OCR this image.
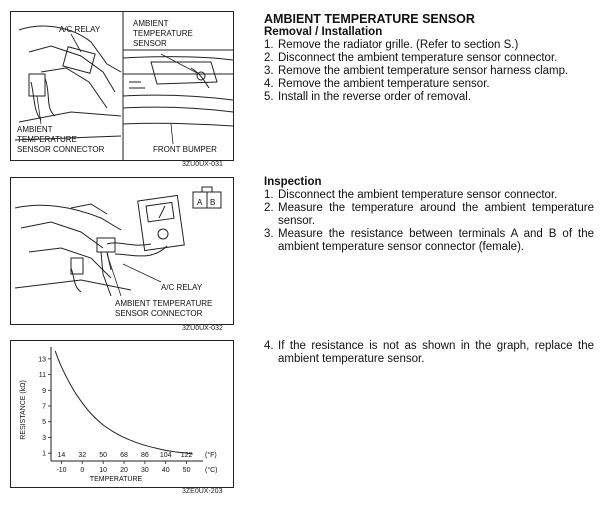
A/C RELAY
AMBIENT
TEMPERATURE
SENSOR
AMBIENT
TEMPERATURE
SENSOR CONNECTOR	FRONT BUMPER
3ZU0UX-031
A B
A/C RELAY
AMBIENT TEMPERATURE
SENSOR CONNECTOR
3ZU0UX-032
1
3
5
7
9
11
13
-10
14
0
32
10
50
20
68
30
86
40
104
50
122 (°F)
(°C)
TEMPERATURE
RESISTANCE (kΩ)
3ZE0UX-203
AMBIENT TEMPERATURE SENSOR
Removal / Installation
1. Remove the radiator grille. (Refer to section S.)
2. Disconnect the ambient temperature sensor connector.
3. Remove the ambient temperature sensor harness clamp.
4. Remove the ambient temperature sensor.
5. Install in the reverse order of removal.
Inspection
1. Disconnect the ambient temperature sensor connector.
2. Measure the temperature around the ambient temperature sensor.
3. Measure the resistance between terminals A and B of the ambient temperature sensor connector (female).
4. If the resistance is not as shown in the graph, replace the ambient temperature sensor.
